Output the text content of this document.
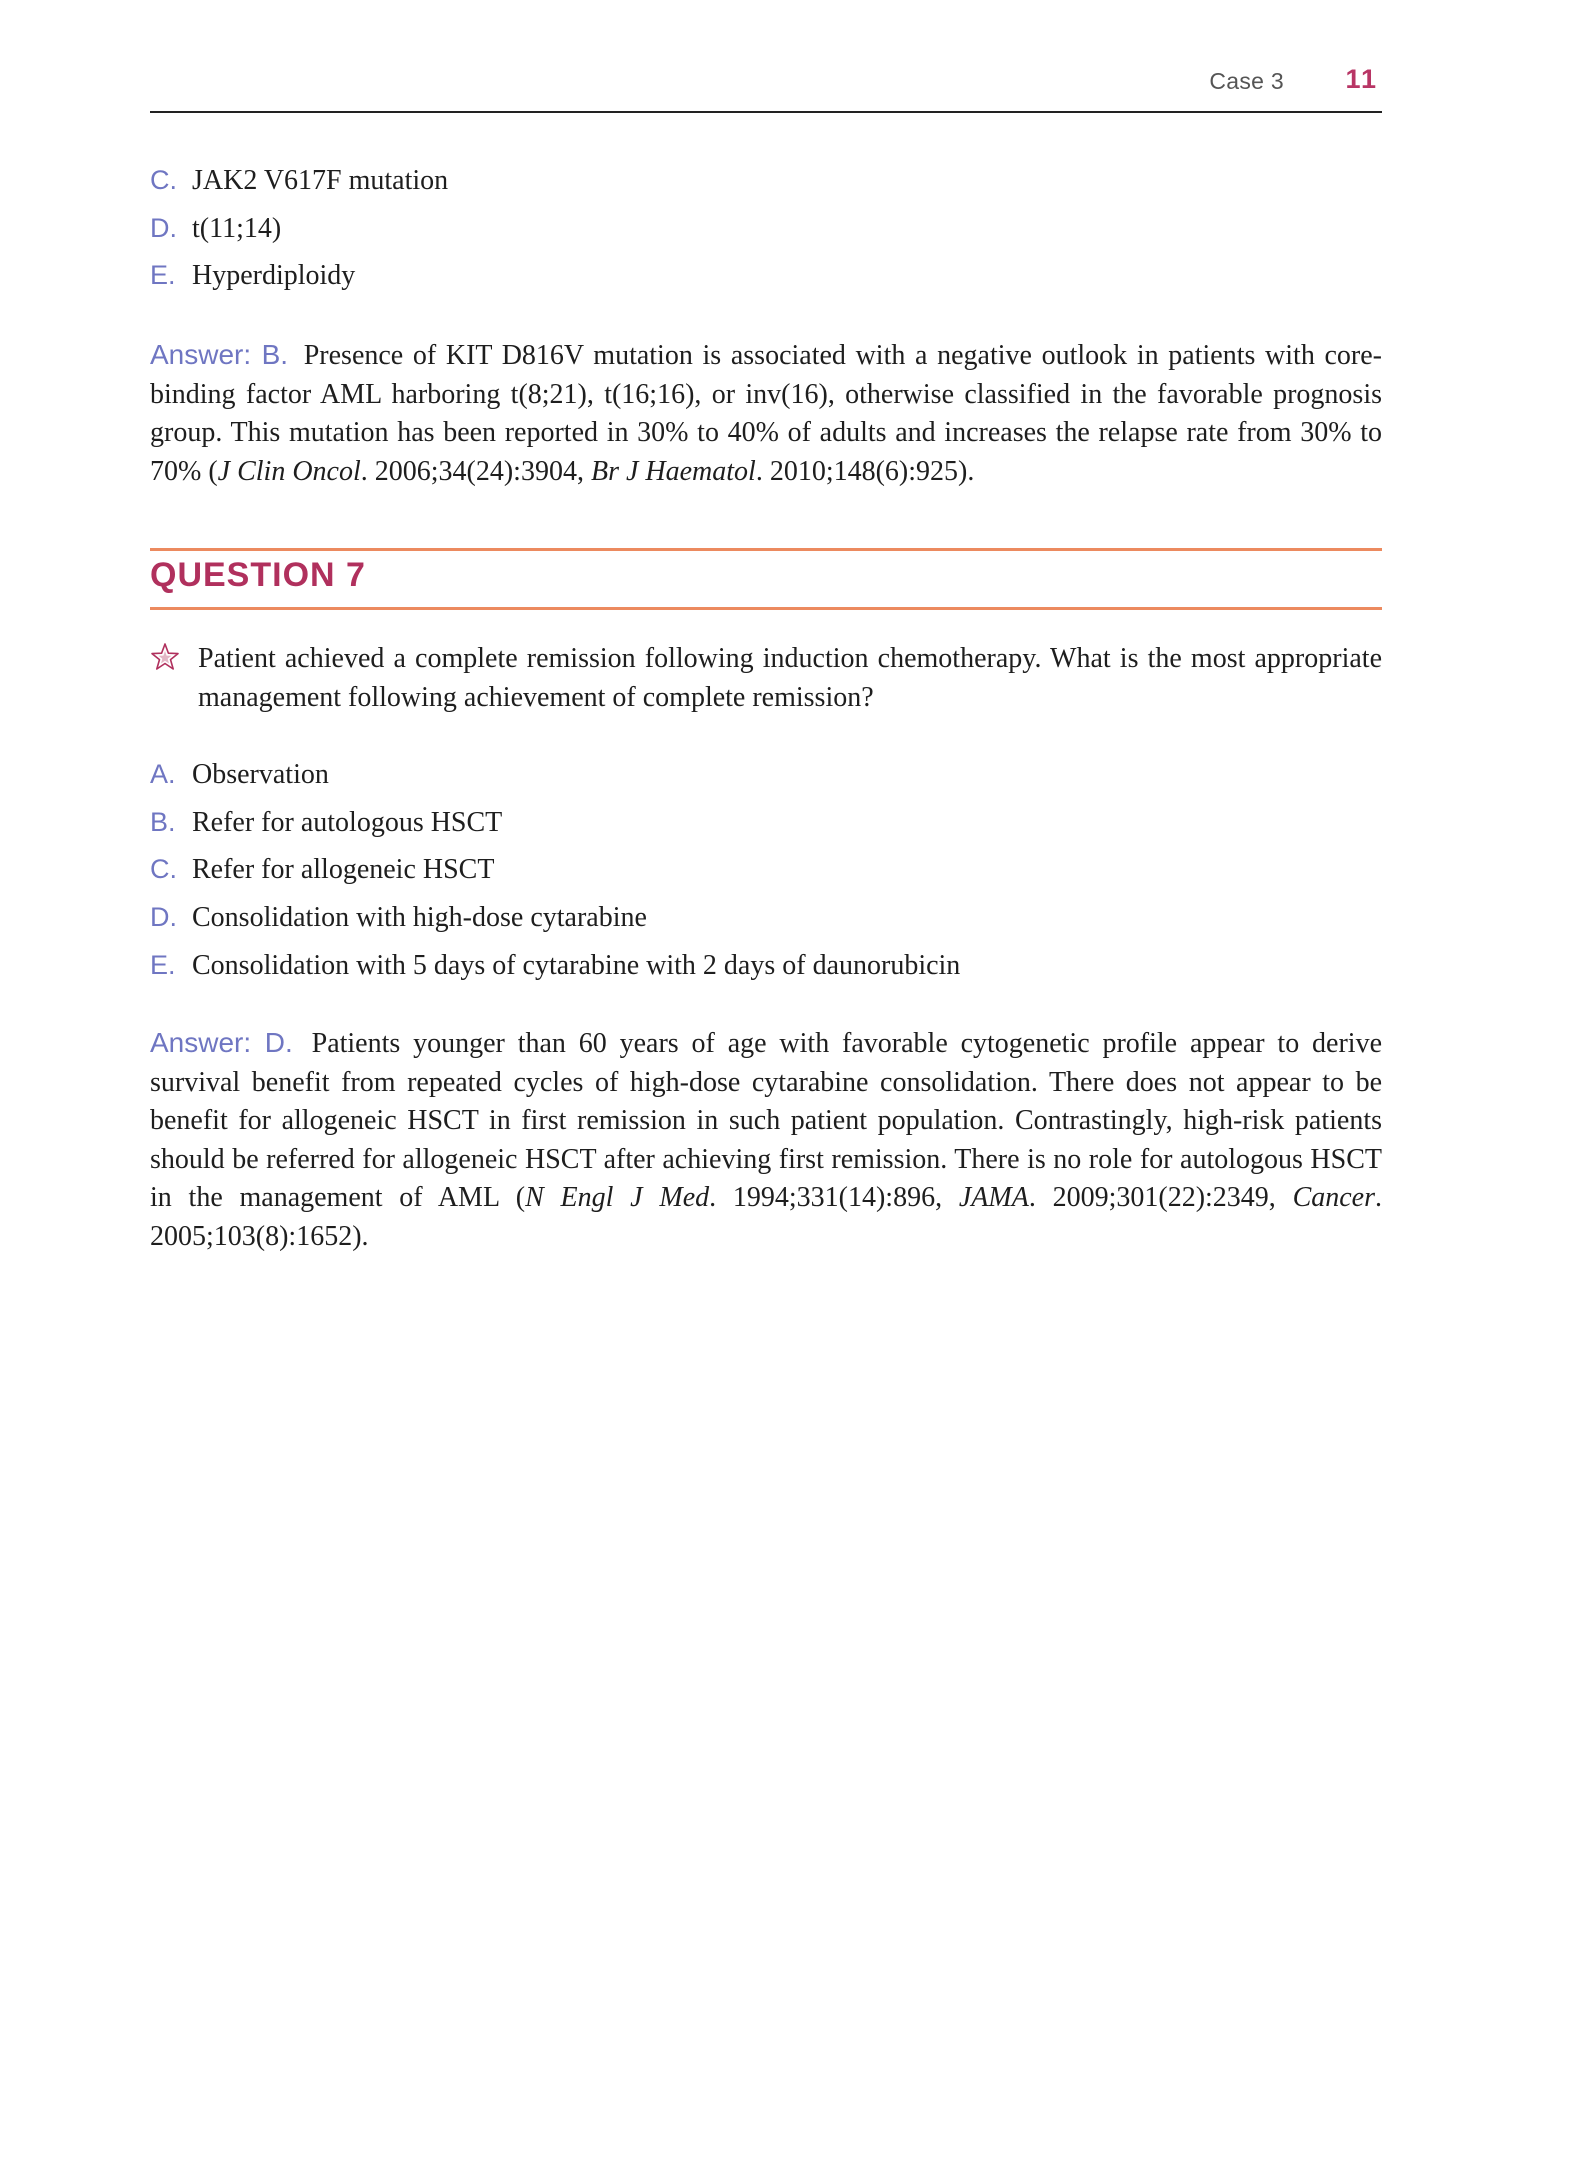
Case 3 11
C. JAK2 V617F mutation
D. t(11;14)
E. Hyperdiploidy

Answer: B. Presence of KIT D816V mutation is associated with a negative outlook in patients with core-binding factor AML harboring t(8;21), t(16;16), or inv(16), otherwise classified in the favorable prognosis group. This mutation has been reported in 30% to 40% of adults and increases the relapse rate from 30% to 70% (J Clin Oncol. 2006;34(24):3904, Br J Haematol. 2010;148(6):925).

QUESTION 7

Patient achieved a complete remission following induction chemotherapy. What is the most appropriate management following achievement of complete remission?

A. Observation
B. Refer for autologous HSCT
C. Refer for allogeneic HSCT
D. Consolidation with high-dose cytarabine
E. Consolidation with 5 days of cytarabine with 2 days of daunorubicin

Answer: D. Patients younger than 60 years of age with favorable cytogenetic profile appear to derive survival benefit from repeated cycles of high-dose cytarabine consolidation. There does not appear to be benefit for allogeneic HSCT in first remission in such patient population. Contrastingly, high-risk patients should be referred for allogeneic HSCT after achieving first remission. There is no role for autologous HSCT in the management of AML (N Engl J Med. 1994;331(14):896, JAMA. 2009;301(22):2349, Cancer. 2005;103(8):1652).
